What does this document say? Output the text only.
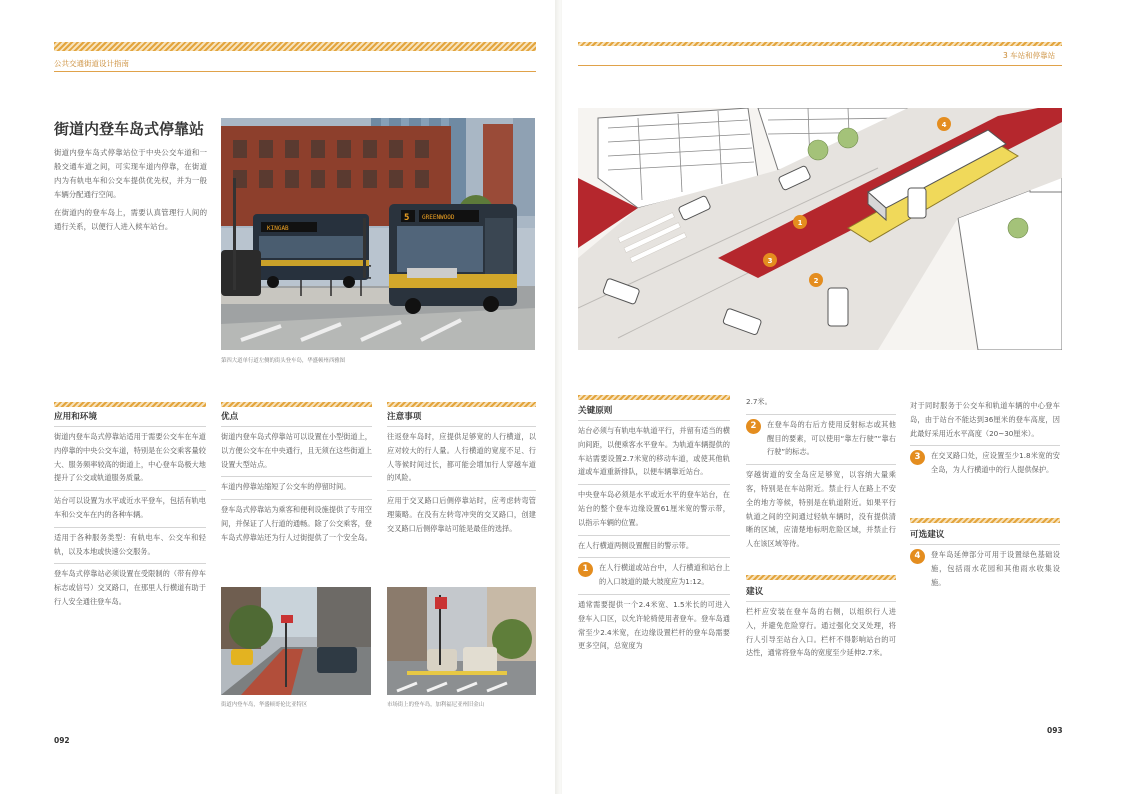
公共交通街道设计指南
街道内登车岛式停靠站

街道内登车岛式停靠站位于中央公交车道和一般交通车道之间，可实现车道内停靠，在街道内为有轨电车和公交车提供优先权，并为一般车辆分配通行空间。

在街道内的登车岛上，需要认真管理行人间的通行关系，以便行人进入候车站台。	KINGAB
5 GREENWOOD
第四大道单行道左侧的街头登车岛，华盛顿州西雅图
应用和环境
街道内登车岛式停靠站适用于需要公交车在车道内停靠的中央公交车道，特别是在公交乘客量较大、服务频率较高的街道上，中心登车岛极大地提升了公交或轨道服务质量。
站台可以设置为水平或近水平登车，包括有轨电车和公交车在内的各种车辆。
适用于各种服务类型：有轨电车、公交车和轻轨，以及本地或快速公交服务。
登车岛式停靠站必须设置在受限制的（带有停车标志或信号）交叉路口，在那里人行横道有助于行人安全通往登车岛。
优点
街道内登车岛式停靠站可以设置在小型街道上，以方便公交车在中央通行，且无须在这些街道上设置大型站点。
车道内停靠站缩短了公交车的停留时间。
登车岛式停靠站为乘客和便利设施提供了专用空间，并保证了人行道的通畅。除了公交乘客，登车岛式停靠站还为行人过街提供了一个安全岛。
注意事项
往返登车岛时，应提供足够宽的人行横道，以应对较大的行人量。人行横道的宽度不足、行人等候时间过长，都可能会增加行人穿越车道的风险。
应用于交叉路口后侧停靠站时，应考虑转弯管理策略。在没有左转弯冲突的交叉路口，创建交叉路口后侧停靠站可能是最佳的选择。
街道内登车岛，华盛顿哥伦比亚特区	市场街上的登车岛，加利福尼亚州旧金山
092
3 车站和停靠站
1
2
3
4
关键原则
站台必须与有轨电车轨道平行，并留有适当的横向间距，以便乘客水平登车。为轨道车辆提供的车站需要设置2.7米宽的移动车道，或使其他轨道或车道重新排队，以便车辆靠近站台。
中央登车岛必须是水平或近水平的登车站台，在站台的整个登车边缘设置61厘米宽的警示带，以指示车辆的位置。
在人行横道两侧设置醒目的警示带。
1	在人行横道或站台中，人行横道和站台上的入口坡道的最大坡度应为1:12。
通常需要提供一个2.4米宽、1.5米长的可进入登车入口区，以允许轮椅使用者登车。登车岛通常至少2.4米宽，在边缘设置栏杆的登车岛需要更多空间，总宽度为
2.7米。
2	在登车岛的右后方使用反射标志或其他醒目的要素，可以使用“靠左行驶”“靠右行驶”的标志。
穿越街道的安全岛应足够宽，以容纳大量乘客，特别是在车站附近。禁止行人在路上不安全的地方等候，特别是在轨道附近。如果平行轨道之间的空间通过轻轨车辆时，没有提供清晰的区域，应清楚地标明危险区域，并禁止行人在该区域等待。
建议
栏杆应安装在登车岛的右侧，以组织行人进入，并避免危险穿行。通过强化交叉处理，将行人引导至站台入口。栏杆不得影响站台的可达性，通常将登车岛的宽度至少延伸2.7米。
对于同时服务于公交车和轨道车辆的中心登车岛，由于站台不能达到36厘米的登车高度，因此最好采用近水平高度（20~30厘米）。
3	在交叉路口处，应设置至少1.8米宽的安全岛，为人行横道中的行人提供保护。
可选建议
4	登车岛延伸部分可用于设置绿色基础设施，包括雨水花园和其他雨水收集设施。
093
